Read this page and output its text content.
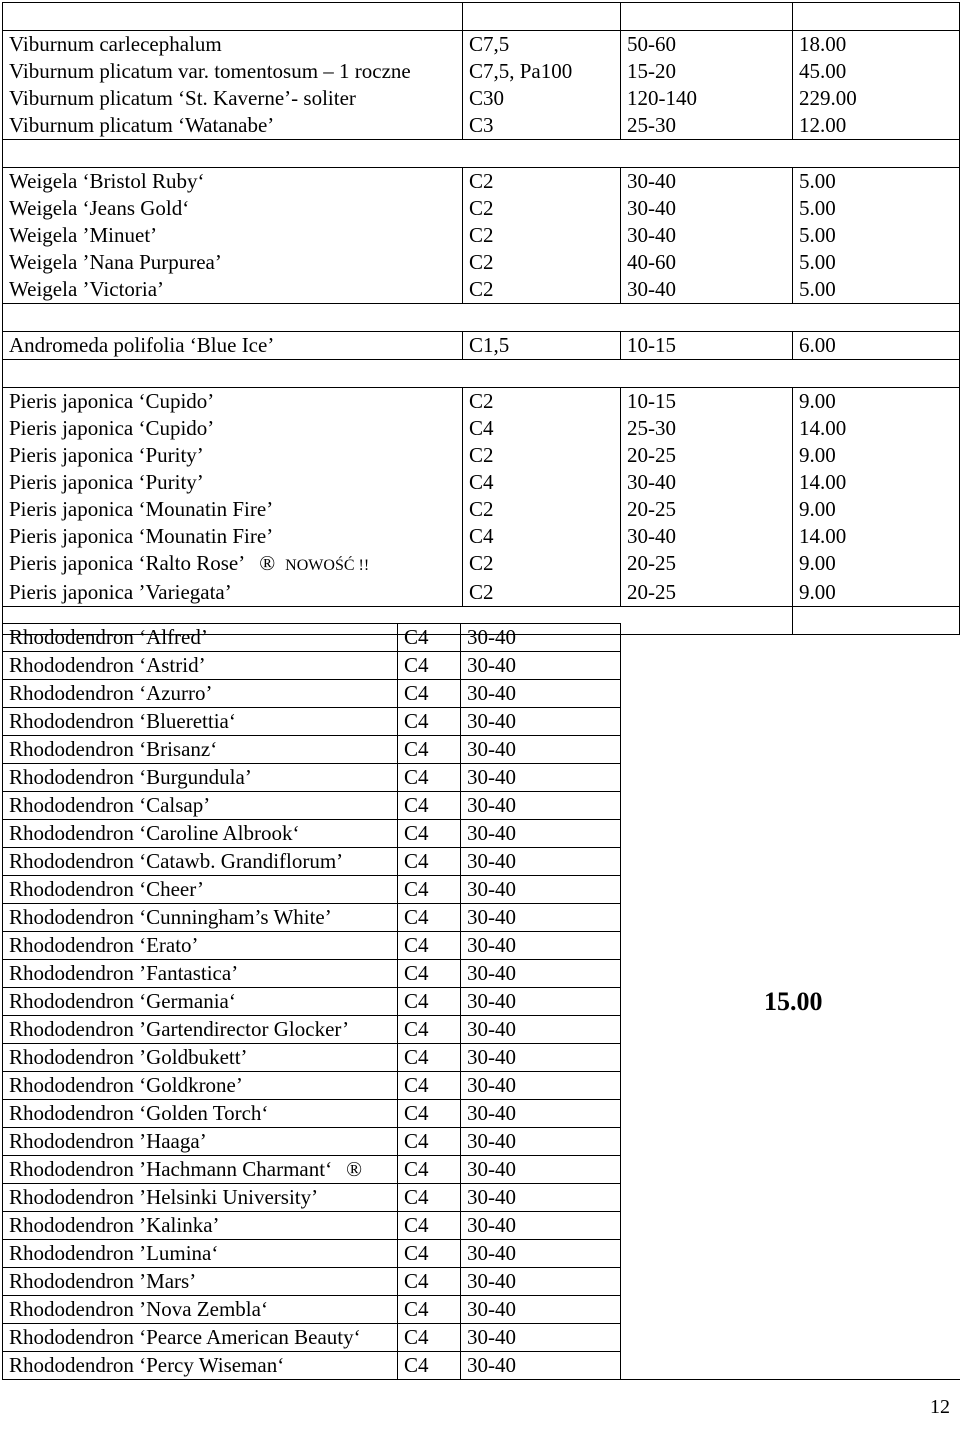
Viburnum carlecephalum	C7,5	50-60	18.00
Viburnum plicatum var. tomentosum – 1 roczne	C7,5, Pa100	15-20	45.00
Viburnum plicatum ‘St. Kaverne’- soliter	C30	120-140	229.00
Viburnum plicatum ‘Watanabe’	C3	25-30	12.00

Weigela ‘Bristol Ruby‘	C2	30-40	5.00
Weigela ‘Jeans Gold‘	C2	30-40	5.00
Weigela ’Minuet’	C2	30-40	5.00
Weigela ’Nana Purpurea’	C2	40-60	5.00
Weigela ’Victoria’	C2	30-40	5.00

Andromeda polifolia ‘Blue Ice’	C1,5	10-15	6.00

Pieris japonica ‘Cupido’	C2	10-15	9.00
Pieris japonica ‘Cupido’	C4	25-30	14.00
Pieris japonica ‘Purity’	C2	20-25	9.00
Pieris japonica ‘Purity’	C4	30-40	14.00
Pieris japonica ‘Mounatin Fire’	C2	20-25	9.00
Pieris japonica ‘Mounatin Fire’	C4	30-40	14.00
Pieris japonica ‘Ralto Rose’ ® NOWOŚĆ !!	C2	20-25	9.00
Pieris japonica ’Variegata’	C2	20-25	9.00

Rhododendron ‘Alfred’	C4	30-40	15.00
Rhododendron ‘Astrid’	C4	30-40	
Rhododendron ‘Azurro’	C4	30-40	
Rhododendron ‘Bluerettia‘	C4	30-40	
Rhododendron ‘Brisanz‘	C4	30-40	
Rhododendron ‘Burgundula’	C4	30-40	
Rhododendron ‘Calsap’	C4	30-40	
Rhododendron ‘Caroline Albrook‘	C4	30-40	
Rhododendron ‘Catawb. Grandiflorum’	C4	30-40	
Rhododendron ‘Cheer’	C4	30-40	
Rhododendron ‘Cunningham’s White’	C4	30-40	
Rhododendron ‘Erato’	C4	30-40	
Rhododendron ’Fantastica’	C4	30-40	
Rhododendron ‘Germania‘	C4	30-40	
Rhododendron ’Gartendirector Glocker’	C4	30-40	
Rhododendron ’Goldbukett’	C4	30-40	
Rhododendron ‘Goldkrone’	C4	30-40	
Rhododendron ‘Golden Torch‘	C4	30-40	
Rhododendron ’Haaga’	C4	30-40	
Rhododendron ’Hachmann Charmant‘ ®	C4	30-40	
Rhododendron ’Helsinki University’	C4	30-40	
Rhododendron ’Kalinka’	C4	30-40	
Rhododendron ’Lumina‘	C4	30-40	
Rhododendron ’Mars’	C4	30-40	
Rhododendron ’Nova Zembla‘	C4	30-40	
Rhododendron ‘Pearce American Beauty‘	C4	30-40	
Rhododendron ‘Percy Wiseman‘	C4	30-40	
12
